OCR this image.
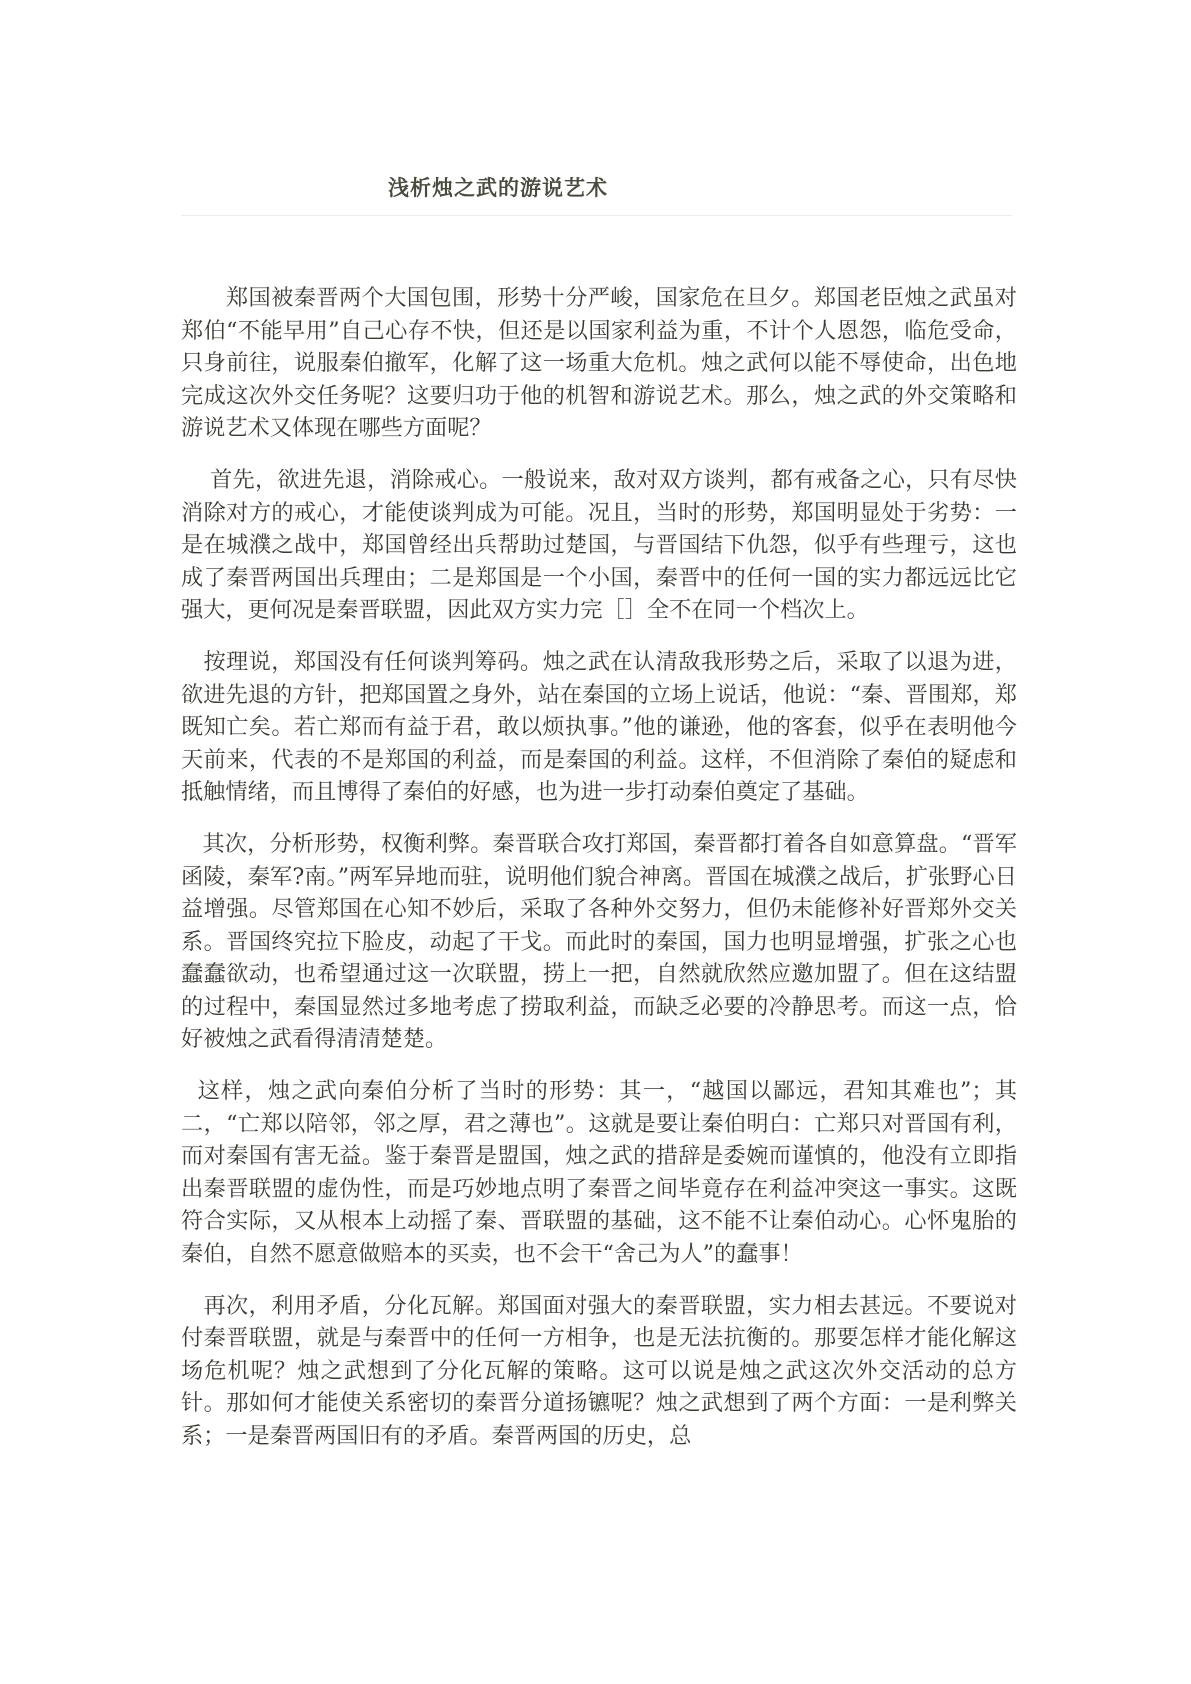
浅析烛之武的游说艺术

郑国被秦晋两个大国包围，形势十分严峻，国家危在旦夕。郑国老臣烛之武虽对郑伯“不能早用”自己心存不快，但还是以国家利益为重，不计个人恩怨，临危受命，只身前往，说服秦伯撤军，化解了这一场重大危机。烛之武何以能不辱使命，出色地完成这次外交任务呢？这要归功于他的机智和游说艺术。那么，烛之武的外交策略和游说艺术又体现在哪些方面呢？

首先，欲进先退，消除戒心。一般说来，敌对双方谈判，都有戒备之心，只有尽快消除对方的戒心，才能使谈判成为可能。况且，当时的形势，郑国明显处于劣势：一是在城濮之战中，郑国曾经出兵帮助过楚国，与晋国结下仇怨，似乎有些理亏，这也成了秦晋两国出兵理由；二是郑国是一个小国，秦晋中的任何一国的实力都远远比它强大，更何况是秦晋联盟，因此双方实力完［］全不在同一个档次上。

按理说，郑国没有任何谈判筹码。烛之武在认清敌我形势之后，采取了以退为进，欲进先退的方针，把郑国置之身外，站在秦国的立场上说话，他说：“秦、晋围郑，郑既知亡矣。若亡郑而有益于君，敢以烦执事。”他的谦逊，他的客套，似乎在表明他今天前来，代表的不是郑国的利益，而是秦国的利益。这样，不但消除了秦伯的疑虑和抵触情绪，而且博得了秦伯的好感，也为进一步打动秦伯奠定了基础。

其次，分析形势，权衡利弊。秦晋联合攻打郑国，秦晋都打着各自如意算盘。“晋军函陵，秦军?南。”两军异地而驻，说明他们貌合神离。晋国在城濮之战后，扩张野心日益增强。尽管郑国在心知不妙后，采取了各种外交努力，但仍未能修补好晋郑外交关系。晋国终究拉下脸皮，动起了干戈。而此时的秦国，国力也明显增强，扩张之心也蠢蠢欲动，也希望通过这一次联盟，捞上一把，自然就欣然应邀加盟了。但在这结盟的过程中，秦国显然过多地考虑了捞取利益，而缺乏必要的冷静思考。而这一点，恰好被烛之武看得清清楚楚。

这样，烛之武向秦伯分析了当时的形势：其一，“越国以鄙远，君知其难也”；其二，“亡郑以陪邻，邻之厚，君之薄也”。这就是要让秦伯明白：亡郑只对晋国有利，而对秦国有害无益。鉴于秦晋是盟国，烛之武的措辞是委婉而谨慎的，他没有立即指出秦晋联盟的虚伪性，而是巧妙地点明了秦晋之间毕竟存在利益冲突这一事实。这既符合实际，又从根本上动摇了秦、晋联盟的基础，这不能不让秦伯动心。心怀鬼胎的秦伯，自然不愿意做赔本的买卖，也不会干“舍己为人”的蠢事！

再次，利用矛盾，分化瓦解。郑国面对强大的秦晋联盟，实力相去甚远。不要说对付秦晋联盟，就是与秦晋中的任何一方相争，也是无法抗衡的。那要怎样才能化解这场危机呢？烛之武想到了分化瓦解的策略。这可以说是烛之武这次外交活动的总方针。那如何才能使关系密切的秦晋分道扬镳呢？烛之武想到了两个方面：一是利弊关系；一是秦晋两国旧有的矛盾。秦晋两国的历史，总
